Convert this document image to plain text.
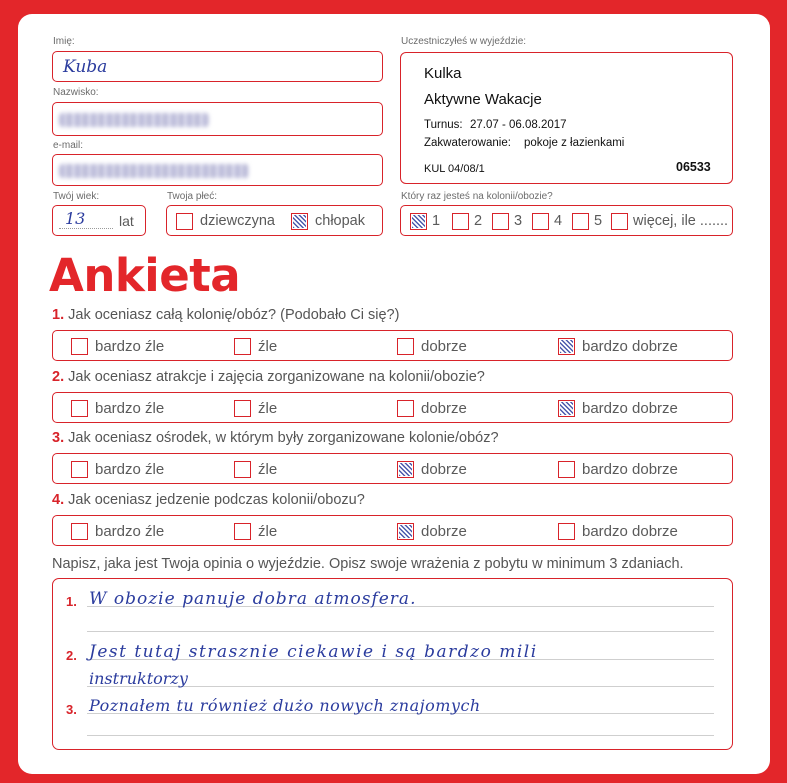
Imię:
Kuba
Nazwisko:
e-mail:
Twój wiek:
13 lat
Twoja płeć:
dziewczyna	chłopak
Uczestniczyłeś w wyjeździe:
Kulka
Aktywne Wakacje
Turnus: 27.07 - 06.08.2017
Zakwaterowanie: pokoje z łazienkami
KUL 04/08/1	06533
Który raz jesteś na kolonii/obozie?
1 2 3 4 5 więcej, ile .......
Ankieta
1. Jak oceniasz całą kolonię/obóz? (Podobało Ci się?)
bardzo źle	źle	dobrze	bardzo dobrze
2. Jak oceniasz atrakcje i zajęcia zorganizowane na kolonii/obozie?
bardzo źle	źle	dobrze	bardzo dobrze
3. Jak oceniasz ośrodek, w którym były zorganizowane kolonie/obóz?
bardzo źle	źle	dobrze	bardzo dobrze
4. Jak oceniasz jedzenie podczas kolonii/obozu?
bardzo źle	źle	dobrze	bardzo dobrze
Napisz, jaka jest Twoja opinia o wyjeździe. Opisz swoje wrażenia z pobytu w minimum 3 zdaniach.
1.
2.
3.
W obozie panuje dobra atmosfera.
Jest tutaj strasznie ciekawie i są bardzo mili
instruktorzy
Poznałem tu również dużo nowych znajomych
